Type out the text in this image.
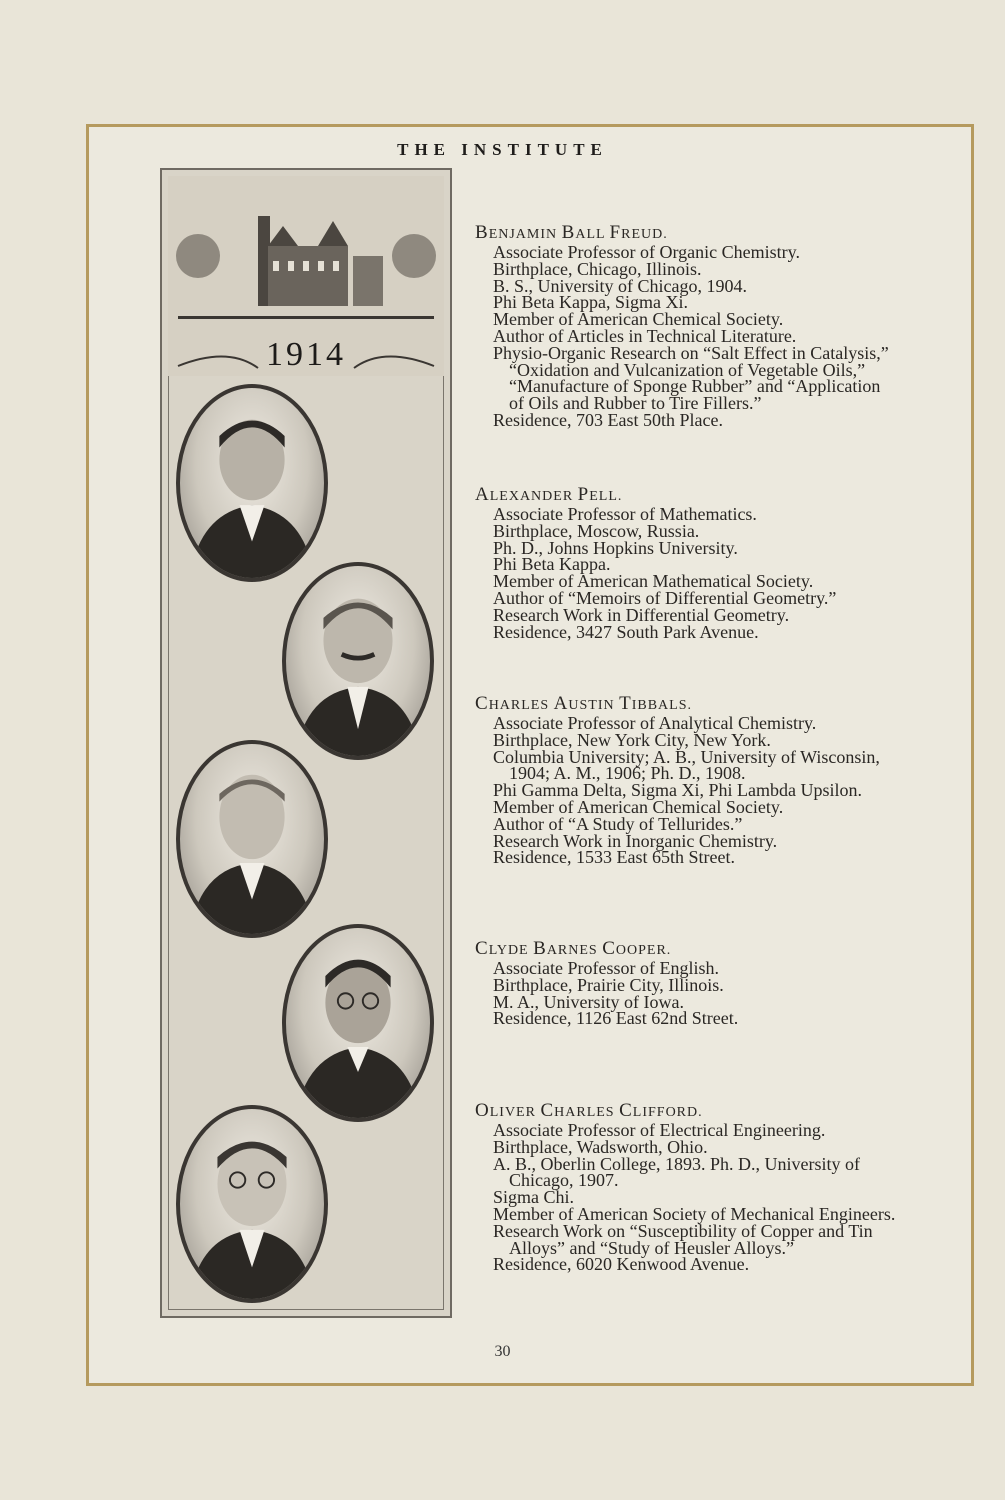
THE INSTITUTE
1914
BENJAMIN BALL FREUD.
Associate Professor of Organic Chemistry.
Birthplace, Chicago, Illinois.
B. S., University of Chicago, 1904.
Phi Beta Kappa, Sigma Xi.
Member of American Chemical Society.
Author of Articles in Technical Literature.
Physio-Organic Research on “Salt Effect in Catalysis,”
“Oxidation and Vulcanization of Vegetable Oils,”
“Manufacture of Sponge Rubber” and “Application
of Oils and Rubber to Tire Fillers.”
Residence, 703 East 50th Place.
ALEXANDER PELL.
Associate Professor of Mathematics.
Birthplace, Moscow, Russia.
Ph. D., Johns Hopkins University.
Phi Beta Kappa.
Member of American Mathematical Society.
Author of “Memoirs of Differential Geometry.”
Research Work in Differential Geometry.
Residence, 3427 South Park Avenue.
CHARLES AUSTIN TIBBALS.
Associate Professor of Analytical Chemistry.
Birthplace, New York City, New York.
Columbia University; A. B., University of Wisconsin,
1904; A. M., 1906; Ph. D., 1908.
Phi Gamma Delta, Sigma Xi, Phi Lambda Upsilon.
Member of American Chemical Society.
Author of “A Study of Tellurides.”
Research Work in Inorganic Chemistry.
Residence, 1533 East 65th Street.
CLYDE BARNES COOPER.
Associate Professor of English.
Birthplace, Prairie City, Illinois.
M. A., University of Iowa.
Residence, 1126 East 62nd Street.
OLIVER CHARLES CLIFFORD.
Associate Professor of Electrical Engineering.
Birthplace, Wadsworth, Ohio.
A. B., Oberlin College, 1893. Ph. D., University of
Chicago, 1907.
Sigma Chi.
Member of American Society of Mechanical Engineers.
Research Work on “Susceptibility of Copper and Tin
Alloys” and “Study of Heusler Alloys.”
Residence, 6020 Kenwood Avenue.
30
